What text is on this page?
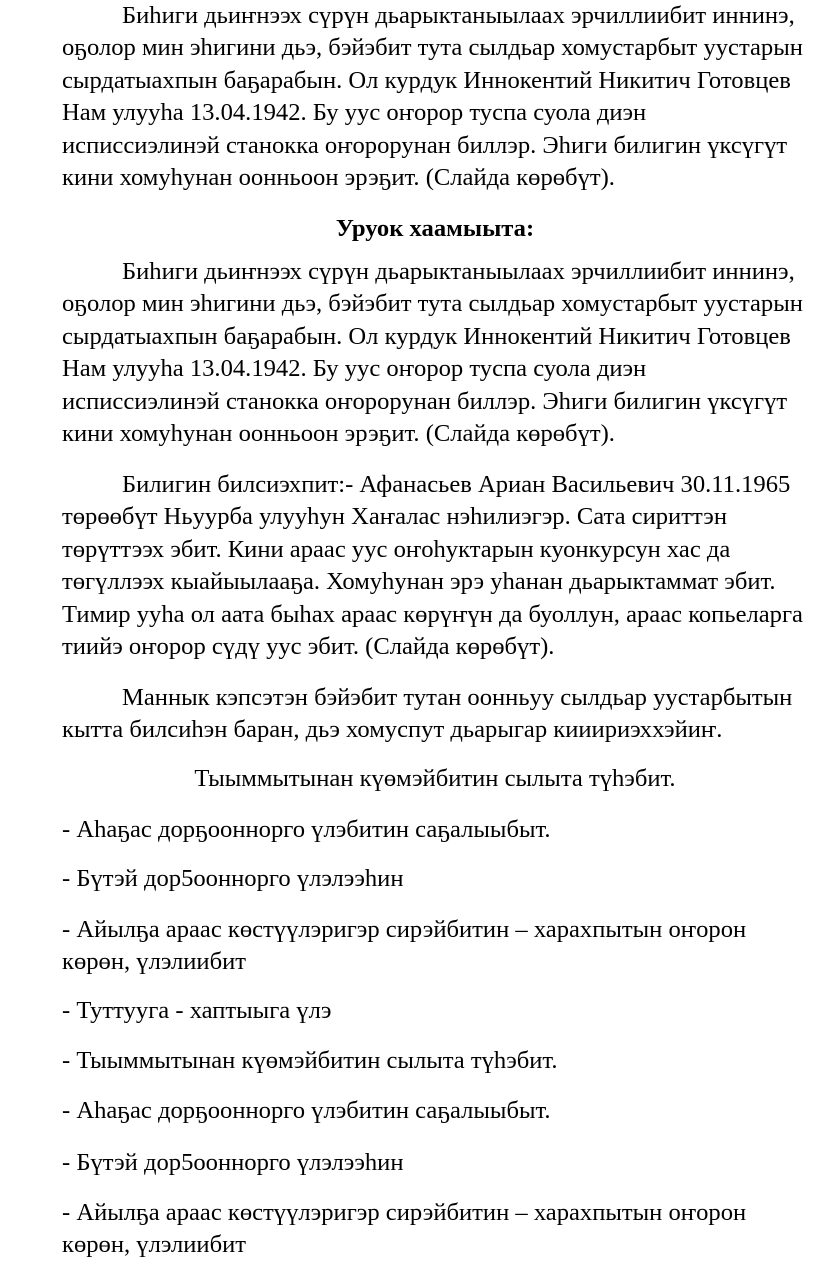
Биһиги дьиҥнээх сүрүн дьарыктаныылаах эрчиллиибит иннинэ, оҕолор мин эһигини дьэ, бэйэбит тута сылдьар хомустарбыт уустарын сырдатыахпын баҕарабын. Ол курдук Иннокентий Никитич Готовцев Нам улууһа 13.04.1942. Бу уус оҥорор туспа суола диэн исписсиэлинэй станокка оҥорорунан биллэр. Эһиги билигин үксүгүт кини хомуһунан оонньоон эрэҕит. (Слайда көрөбүт).

Уруок хаамыыта:

Биһиги дьиҥнээх сүрүн дьарыктаныылаах эрчиллиибит иннинэ, оҕолор мин эһигини дьэ, бэйэбит тута сылдьар хомустарбыт уустарын сырдатыахпын баҕарабын. Ол курдук Иннокентий Никитич Готовцев Нам улууһа 13.04.1942. Бу уус оҥорор туспа суола диэн исписсиэлинэй станокка оҥорорунан биллэр. Эһиги билигин үксүгүт кини хомуһунан оонньоон эрэҕит. (Слайда көрөбүт).

Билигин билсиэхпит:- Афанасьев Ариан Васильевич 30.11.1965 төрөөбүт Ньуурба улууһун Хаҥалас нэһилиэгэр. Сата сириттэн төрүттээх эбит. Кини араас уус оҥоһуктарын куонкурсун хас да төгүллээх кыайыылааҕа. Хомуһунан эрэ уһанан дьарыктаммат эбит. Тимир ууһа ол аата быһах араас көрүҥүн да буоллун, араас копьеларга тиийэ оҥорор сүдү уус эбит. (Слайда көрөбүт).

Маннык кэпсэтэн бэйэбит тутан оонньуу сылдьар уустарбытын кытта билсиһэн баран, дьэ хомуспут дьарыгар кииириэххэйиҥ.

Тыыммытынан күөмэйбитин сылыта түһэбит.

- Аһаҕас дорҕооннорго үлэбитин саҕалыыбыт.

- Бүтэй дор5ооннорго үлэлээһин

- Айылҕа араас көстүүлэригэр сирэйбитин – харахпытын оҥорон көрөн, үлэлиибит

- Туттууга - хаптыыга үлэ

- Тыыммытынан күөмэйбитин сылыта түһэбит.

- Аһаҕас дорҕооннорго үлэбитин саҕалыыбыт.

- Бүтэй дор5ооннорго үлэлээһин

- Айылҕа араас көстүүлэригэр сирэйбитин – харахпытын оҥорон көрөн, үлэлиибит
